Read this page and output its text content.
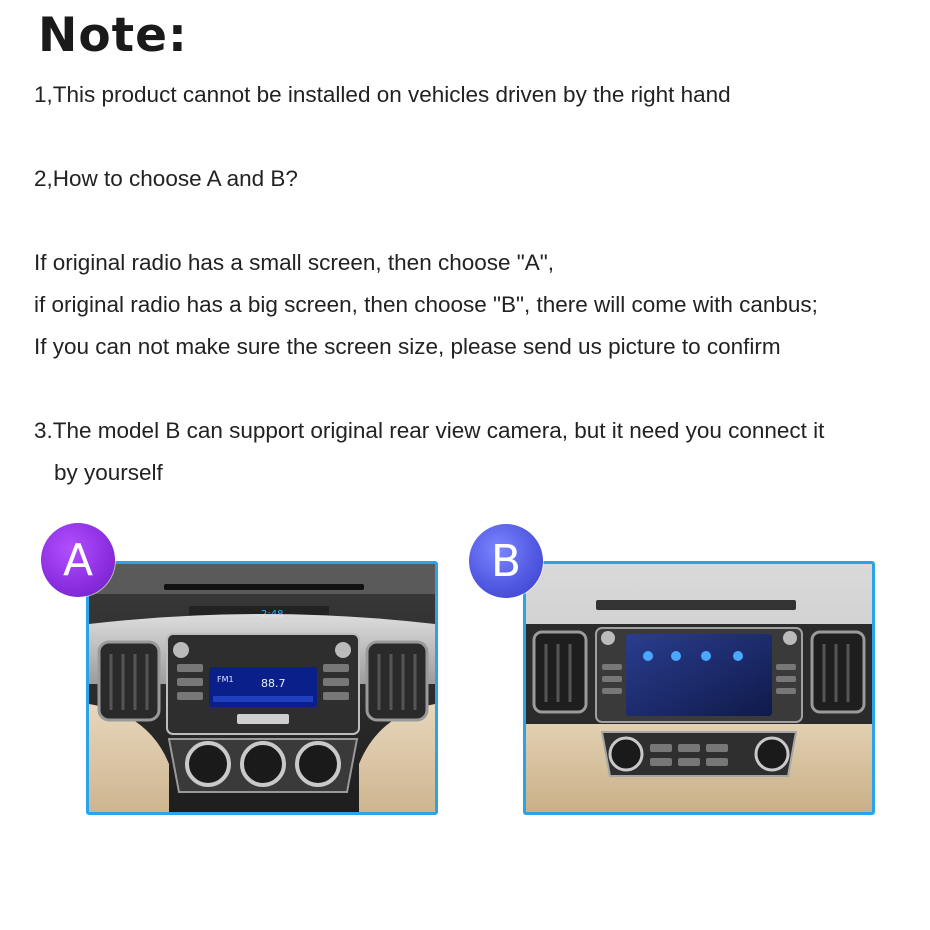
Note:
1,This product cannot be installed on vehicles driven by the right hand
2,How to choose A and B?
If original radio has a small screen, then choose "A",
if original radio has a big screen, then choose "B", there will come with canbus;
If you can not make sure the screen size, please send us picture to confirm
3.The model B can support original rear view camera, but it need you connect it
by yourself
A
FM1 88.7
B
